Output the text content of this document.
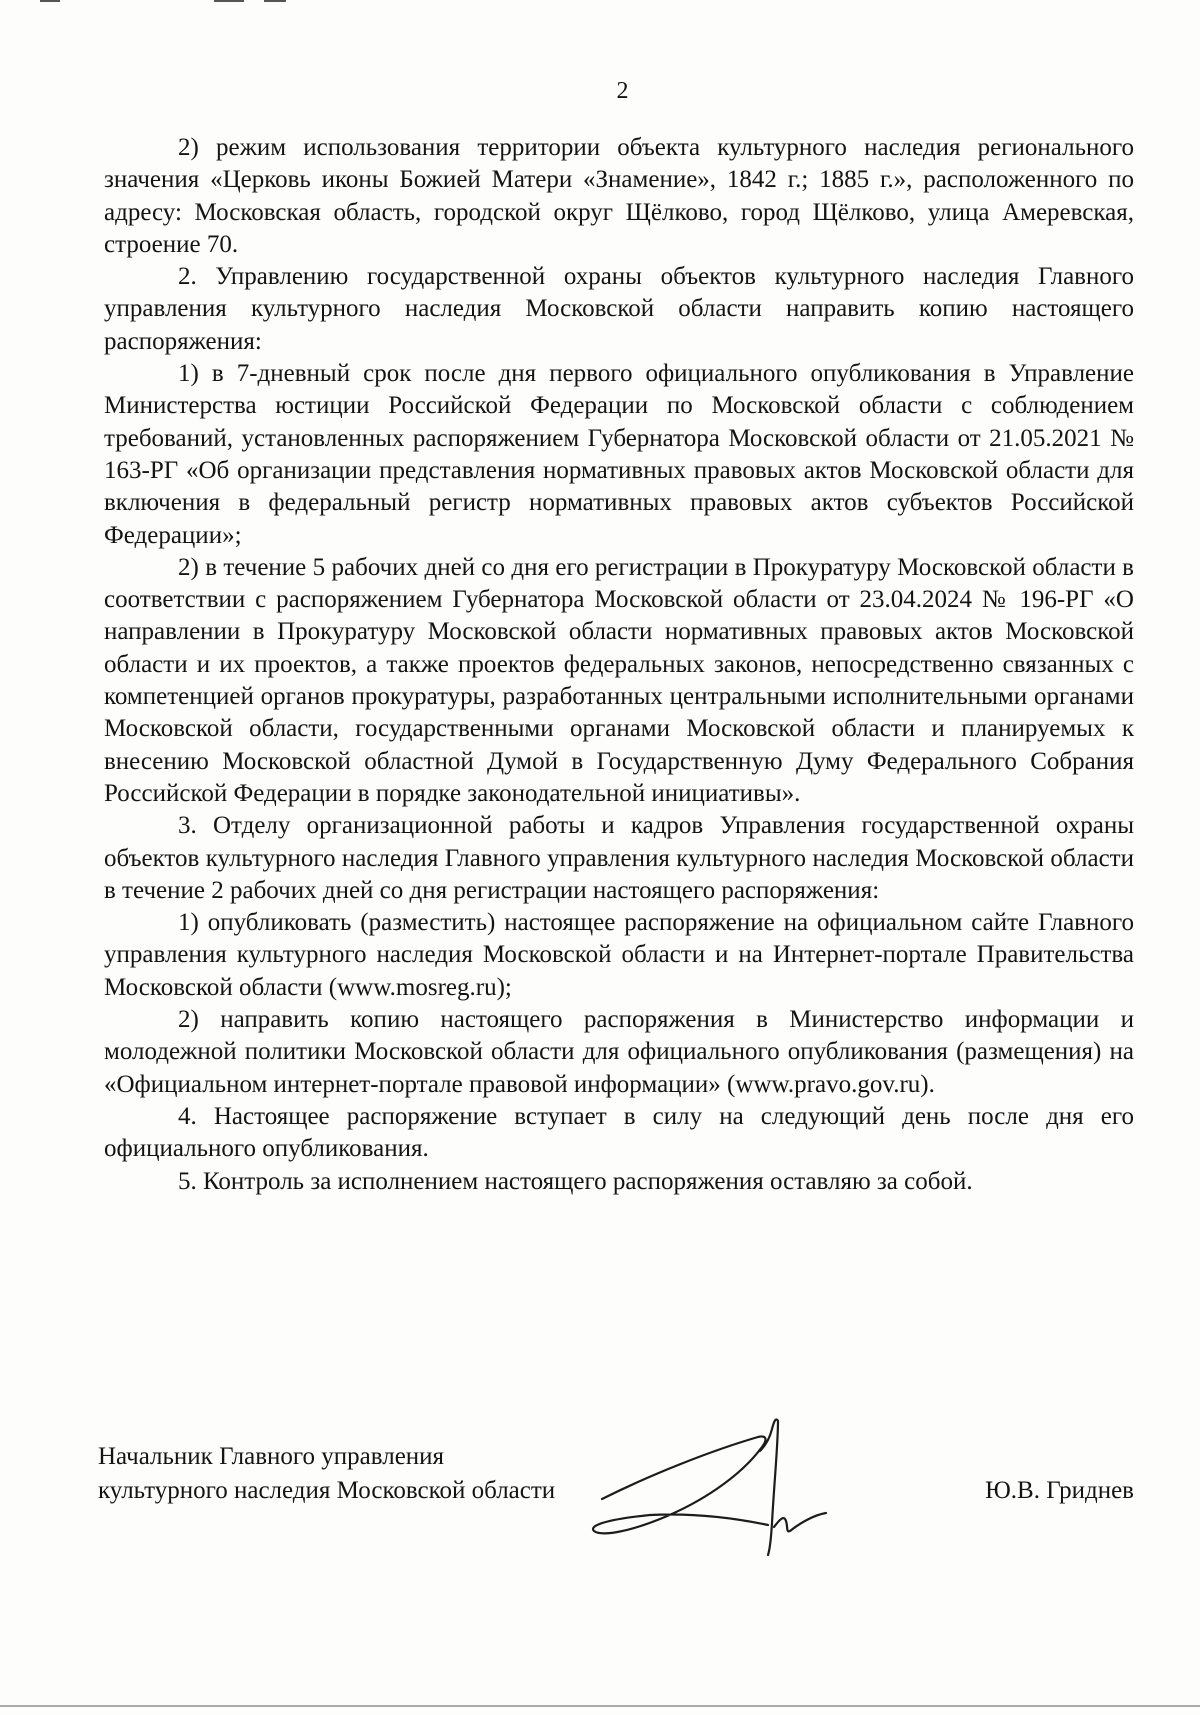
2

2) режим использования территории объекта культурного наследия регионального значения «Церковь иконы Божией Матери «Знамение», 1842 г.; 1885 г.», расположенного по адресу: Московская область, городской округ Щёлково, город Щёлково, улица Амеревская, строение 70.

2. Управлению государственной охраны объектов культурного наследия Главного управления культурного наследия Московской области направить копию настоящего распоряжения:

1) в 7-дневный срок после дня первого официального опубликования в Управление Министерства юстиции Российской Федерации по Московской области с соблюдением требований, установленных распоряжением Губернатора Московской области от 21.05.2021 № 163-РГ «Об организации представления нормативных правовых актов Московской области для включения в федеральный регистр нормативных правовых актов субъектов Российской Федерации»;

2) в течение 5 рабочих дней со дня его регистрации в Прокуратуру Московской области в соответствии с распоряжением Губернатора Московской области от 23.04.2024 № 196-РГ «О направлении в Прокуратуру Московской области нормативных правовых актов Московской области и их проектов, а также проектов федеральных законов, непосредственно связанных с компетенцией органов прокуратуры, разработанных центральными исполнительными органами Московской области, государственными органами Московской области и планируемых к внесению Московской областной Думой в Государственную Думу Федерального Собрания Российской Федерации в порядке законодательной инициативы».

3. Отделу организационной работы и кадров Управления государственной охраны объектов культурного наследия Главного управления культурного наследия Московской области в течение 2 рабочих дней со дня регистрации настоящего распоряжения:

1) опубликовать (разместить) настоящее распоряжение на официальном сайте Главного управления культурного наследия Московской области и на Интернет-портале Правительства Московской области (www.mosreg.ru);

2) направить копию настоящего распоряжения в Министерство информации и молодежной политики Московской области для официального опубликования (размещения) на «Официальном интернет-портале правовой информации» (www.pravo.gov.ru).

4. Настоящее распоряжение вступает в силу на следующий день после дня его официального опубликования.

5. Контроль за исполнением настоящего распоряжения оставляю за собой.

Начальник Главного управления
культурного наследия Московской области	Ю.В. Гриднев
